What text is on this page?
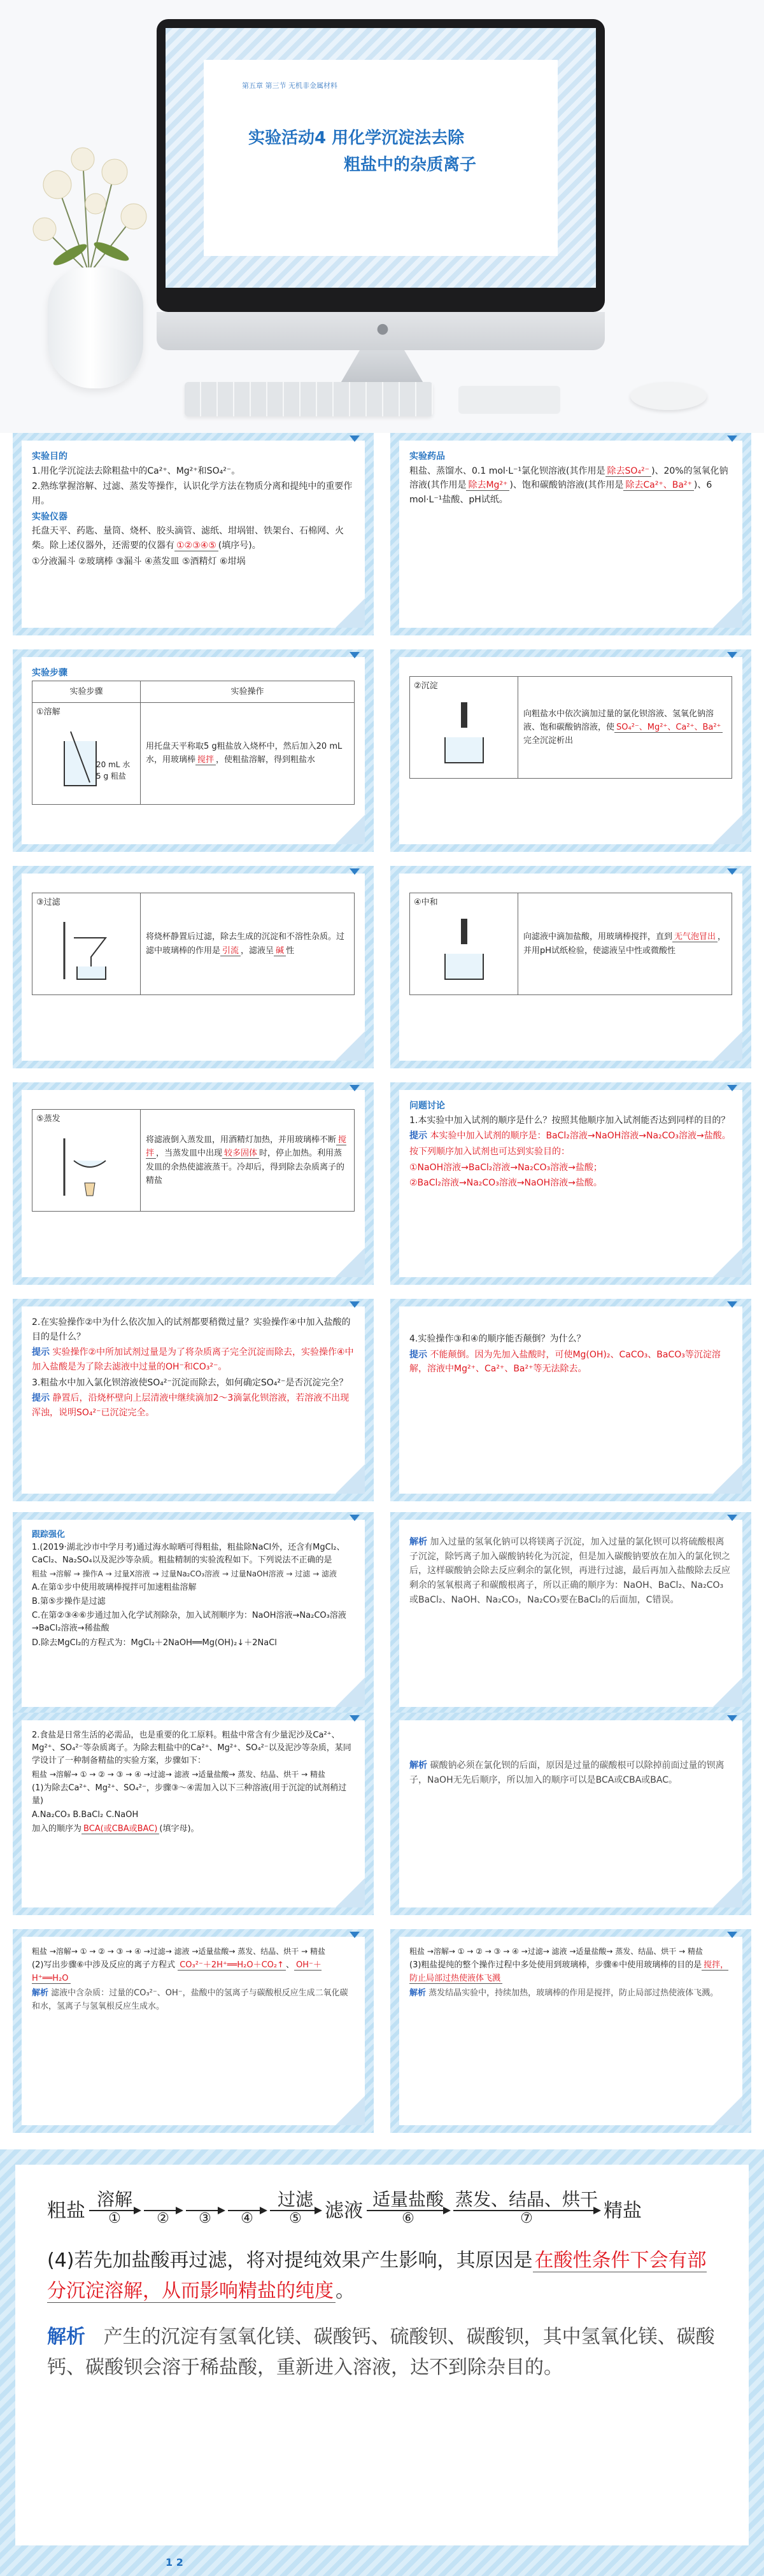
第五章 第三节 无机非金属材料
实验活动4 用化学沉淀法去除
粗盐中的杂质离子
●
实验目的
1.用化学沉淀法去除粗盐中的Ca²⁺、Mg²⁺和SO₄²⁻。
2.熟练掌握溶解、过滤、蒸发等操作，认识化学方法在物质分离和提纯中的重要作用。
实验仪器
托盘天平、药匙、量筒、烧杯、胶头滴管、滤纸、坩埚钳、铁架台、石棉网、火柴。除上述仪器外，还需要的仪器有 ①②③④⑤ (填序号)。
①分液漏斗 ②玻璃棒 ③漏斗 ④蒸发皿 ⑤酒精灯 ⑥坩埚
实验药品
粗盐、蒸馏水、0.1 mol·L⁻¹氯化钡溶液(其作用是 除去SO₄²⁻ )、20%的氢氧化钠溶液(其作用是 除去Mg²⁺ )、饱和碳酸钠溶液(其作用是 除去Ca²⁺、Ba²⁺ )、6 mol·L⁻¹盐酸、pH试纸。
实验步骤
实验步骤	实验操作

①溶解
20 mL 水
5 g 粗盐	用托盘天平称取5 g粗盐放入烧杯中，然后加入20 mL水，用玻璃棒 搅拌 ，使粗盐溶解，得到粗盐水
②沉淀
	向粗盐水中依次滴加过量的氯化钡溶液、氢氧化钠溶液、饱和碳酸钠溶液，使 SO₄²⁻、Mg²⁺、Ca²⁺、Ba²⁺完全沉淀析出
③过滤
	将烧杯静置后过滤，除去生成的沉淀和不溶性杂质。过滤中玻璃棒的作用是 引流 ，滤液呈 碱 性
④中和
	向滤液中滴加盐酸，用玻璃棒搅拌，直到 无气泡冒出 ，并用pH试纸检验，使滤液呈中性或微酸性
⑤蒸发
	将滤液倒入蒸发皿，用酒精灯加热，并用玻璃棒不断 搅拌 ，当蒸发皿中出现 较多固体 时，停止加热。利用蒸发皿的余热使滤液蒸干。冷却后，得到除去杂质离子的精盐
问题讨论
1.本实验中加入试剂的顺序是什么？按照其他顺序加入试剂能否达到同样的目的？
提示 本实验中加入试剂的顺序是：BaCl₂溶液→NaOH溶液→Na₂CO₃溶液→盐酸。
按下列顺序加入试剂也可达到实验目的：
①NaOH溶液→BaCl₂溶液→Na₂CO₃溶液→盐酸；
②BaCl₂溶液→Na₂CO₃溶液→NaOH溶液→盐酸。
2.在实验操作②中为什么依次加入的试剂都要稍微过量？实验操作④中加入盐酸的目的是什么？
提示 实验操作②中所加试剂过量是为了将杂质离子完全沉淀而除去，实验操作④中加入盐酸是为了除去滤液中过量的OH⁻和CO₃²⁻。
3.粗盐水中加入氯化钡溶液使SO₄²⁻沉淀而除去，如何确定SO₄²⁻是否沉淀完全？
提示 静置后，沿烧杯壁向上层清液中继续滴加2～3滴氯化钡溶液，若溶液不出现浑浊，说明SO₄²⁻已沉淀完全。
4.实验操作③和④的顺序能否颠倒？为什么？
提示 不能颠倒。因为先加入盐酸时，可使Mg(OH)₂、CaCO₃、BaCO₃等沉淀溶解，溶液中Mg²⁺、Ca²⁺、Ba²⁺等无法除去。
跟踪强化
1.(2019·湖北沙市中学月考)通过海水晾晒可得粗盐，粗盐除NaCl外，还含有MgCl₂、CaCl₂、Na₂SO₄以及泥沙等杂质。粗盐精制的实验流程如下。下列说法不正确的是
粗盐 →溶解 → 操作A → 过量X溶液 → 过量Na₂CO₃溶液 → 过量NaOH溶液 → 过滤 → 滤液
A.在第①步中使用玻璃棒搅拌可加速粗盐溶解
B.第⑤步操作是过滤
C.在第②③④⑥步通过加入化学试剂除杂，加入试剂顺序为：NaOH溶液→Na₂CO₃溶液→BaCl₂溶液→稀盐酸
D.除去MgCl₂的方程式为：MgCl₂＋2NaOH══Mg(OH)₂↓＋2NaCl
解析 加入过量的氢氧化钠可以将镁离子沉淀，加入过量的氯化钡可以将硫酸根离子沉淀，除钙离子加入碳酸钠转化为沉淀，但是加入碳酸钠要放在加入的氯化钡之后，这样碳酸钠会除去反应剩余的氯化钡，再进行过滤，最后再加入盐酸除去反应剩余的氢氧根离子和碳酸根离子，所以正确的顺序为：NaOH、BaCl₂、Na₂CO₃或BaCl₂、NaOH、Na₂CO₃，Na₂CO₃要在BaCl₂的后面加，C错误。
2.食盐是日常生活的必需品，也是重要的化工原料。粗盐中常含有少量泥沙及Ca²⁺、Mg²⁺、SO₄²⁻等杂质离子。为除去粗盐中的Ca²⁺、Mg²⁺、SO₄²⁻以及泥沙等杂质，某同学设计了一种制备精盐的实验方案，步骤如下：
粗盐 →溶解→ ① → ② → ③ → ④ →过滤→ 滤液 →适量盐酸→ 蒸发、结晶、烘干 → 精盐
(1)为除去Ca²⁺、Mg²⁺、SO₄²⁻，步骤③～④需加入以下三种溶液(用于沉淀的试剂稍过量)
A.Na₂CO₃ B.BaCl₂ C.NaOH
加入的顺序为 BCA(或CBA或BAC) (填字母)。
解析 碳酸钠必须在氯化钡的后面，原因是过量的碳酸根可以除掉前面过量的钡离子，NaOH无先后顺序，所以加入的顺序可以是BCA或CBA或BAC。
粗盐 →溶解→ ① → ② → ③ → ④ →过滤→ 滤液 →适量盐酸→ 蒸发、结晶、烘干 → 精盐
(2)写出步骤⑥中涉及反应的离子方程式 CO₃²⁻＋2H⁺══H₂O＋CO₂↑ 、 OH⁻＋H⁺══H₂O
解析 滤液中含杂质：过量的CO₃²⁻、OH⁻，盐酸中的氢离子与碳酸根反应生成二氧化碳和水，氢离子与氢氧根反应生成水。
粗盐 →溶解→ ① → ② → ③ → ④ →过滤→ 滤液 →适量盐酸→ 蒸发、结晶、烘干 → 精盐
(3)粗盐提纯的整个操作过程中多处使用到玻璃棒，步骤⑥中使用玻璃棒的目的是 搅拌，防止局部过热使液体飞溅
解析 蒸发结晶实验中，持续加热，玻璃棒的作用是搅拌，防止局部过热使液体飞溅。
粗盐
溶解
①
	②
③
④
过滤
⑤ 滤液
适量盐酸
⑥
蒸发、结晶、烘干
⑦	精盐
(4)若先加盐酸再过滤，将对提纯效果产生影响，其原因是 在酸性条件下会有部分沉淀溶解，从而影响精盐的纯度 。
解析 产生的沉淀有氢氧化镁、碳酸钙、硫酸钡、碳酸钡，其中氢氧化镁、碳酸钙、碳酸钡会溶于稀盐酸，重新进入溶液，达不到除杂目的。
1 2
